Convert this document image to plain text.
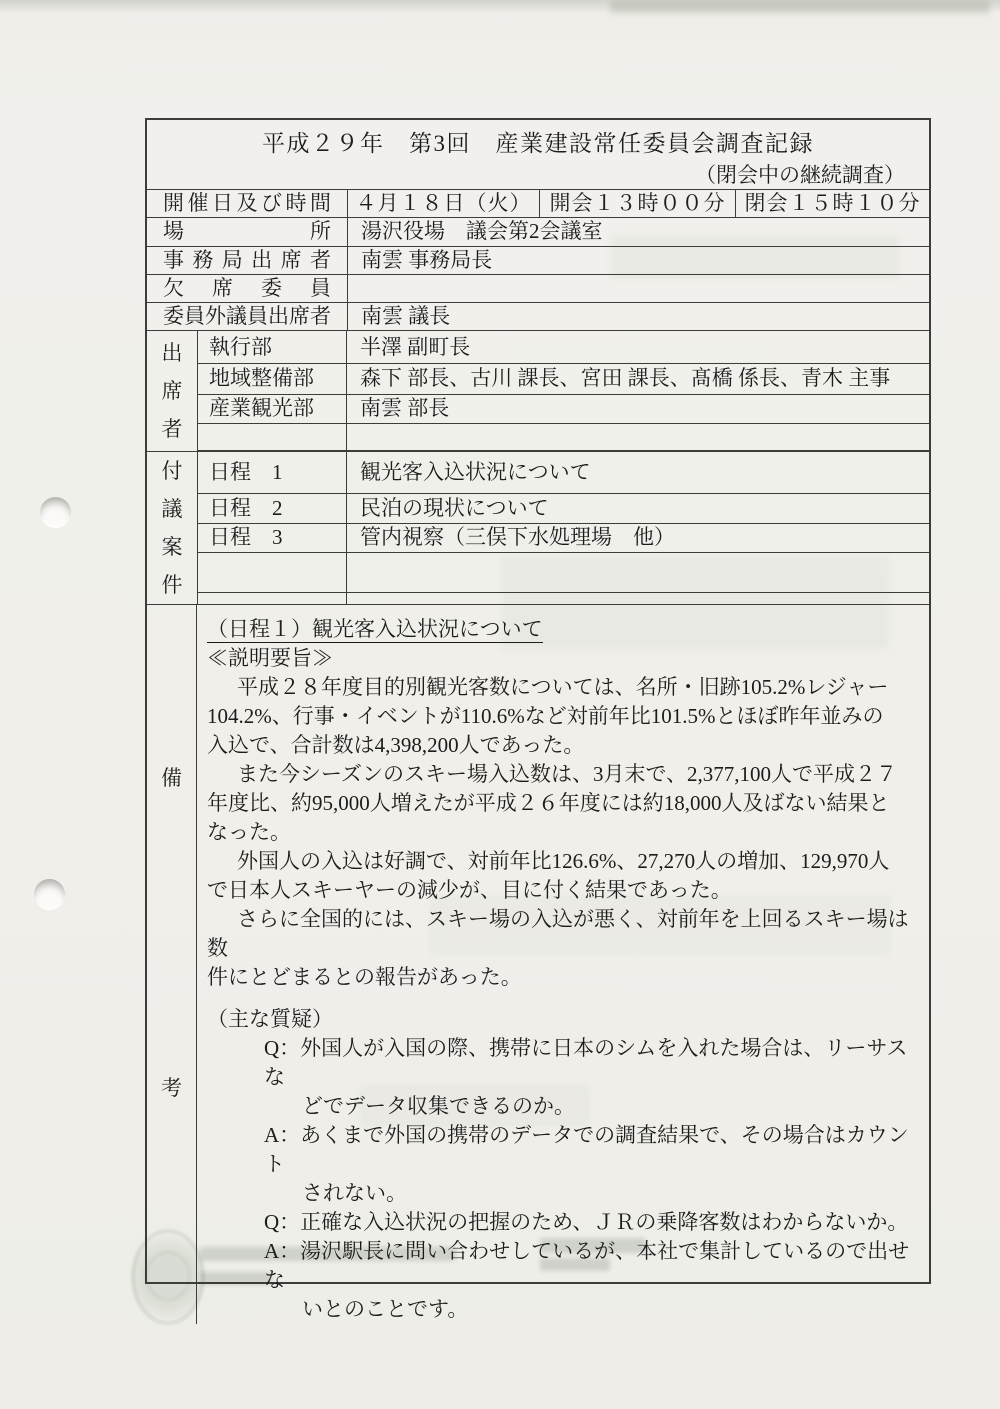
平成２９年　第3回　産業建設常任委員会調査記録
（閉会中の継続調査）
開催日及び時間	４月１８日（火） 開会１３時００分 閉会１５時１０分
場所	湯沢役場　議会第2会議室
事務局出席者	南雲 事務局長
欠席委員
委員外議員出席者	南雲 議長
出席者
執行部	半澤 副町長
地域整備部	森下 部長、古川 課長、宮田 課長、髙橋 係長、青木 主事
産業観光部	南雲 部長
付議案件
日程　1	観光客入込状況について
日程　2	民泊の現状について
日程　3	管内視察（三俣下水処理場　他）
備
考
（日程１）観光客入込状況について
≪説明要旨≫
平成２８年度目的別観光客数については、名所・旧跡105.2%レジャー
104.2%、行事・イベントが110.6%など対前年比101.5%とほぼ昨年並みの
入込で、合計数は4,398,200人であった。
また今シーズンのスキー場入込数は、3月末で、2,377,100人で平成２７
年度比、約95,000人増えたが平成２６年度には約18,000人及ばない結果と
なった。
外国人の入込は好調で、対前年比126.6%、27,270人の増加、129,970人
で日本人スキーヤーの減少が、目に付く結果であった。
さらに全国的には、スキー場の入込が悪く、対前年を上回るスキー場は数
件にとどまるとの報告があった。
（主な質疑）
Q：外国人が入国の際、携帯に日本のシムを入れた場合は、リーサスな
どでデータ収集できるのか。
A：あくまで外国の携帯のデータでの調査結果で、その場合はカウント
されない。
Q：正確な入込状況の把握のため、ＪＲの乗降客数はわからないか。
A：湯沢駅長に問い合わせしているが、本社で集計しているので出せな
いとのことです。
